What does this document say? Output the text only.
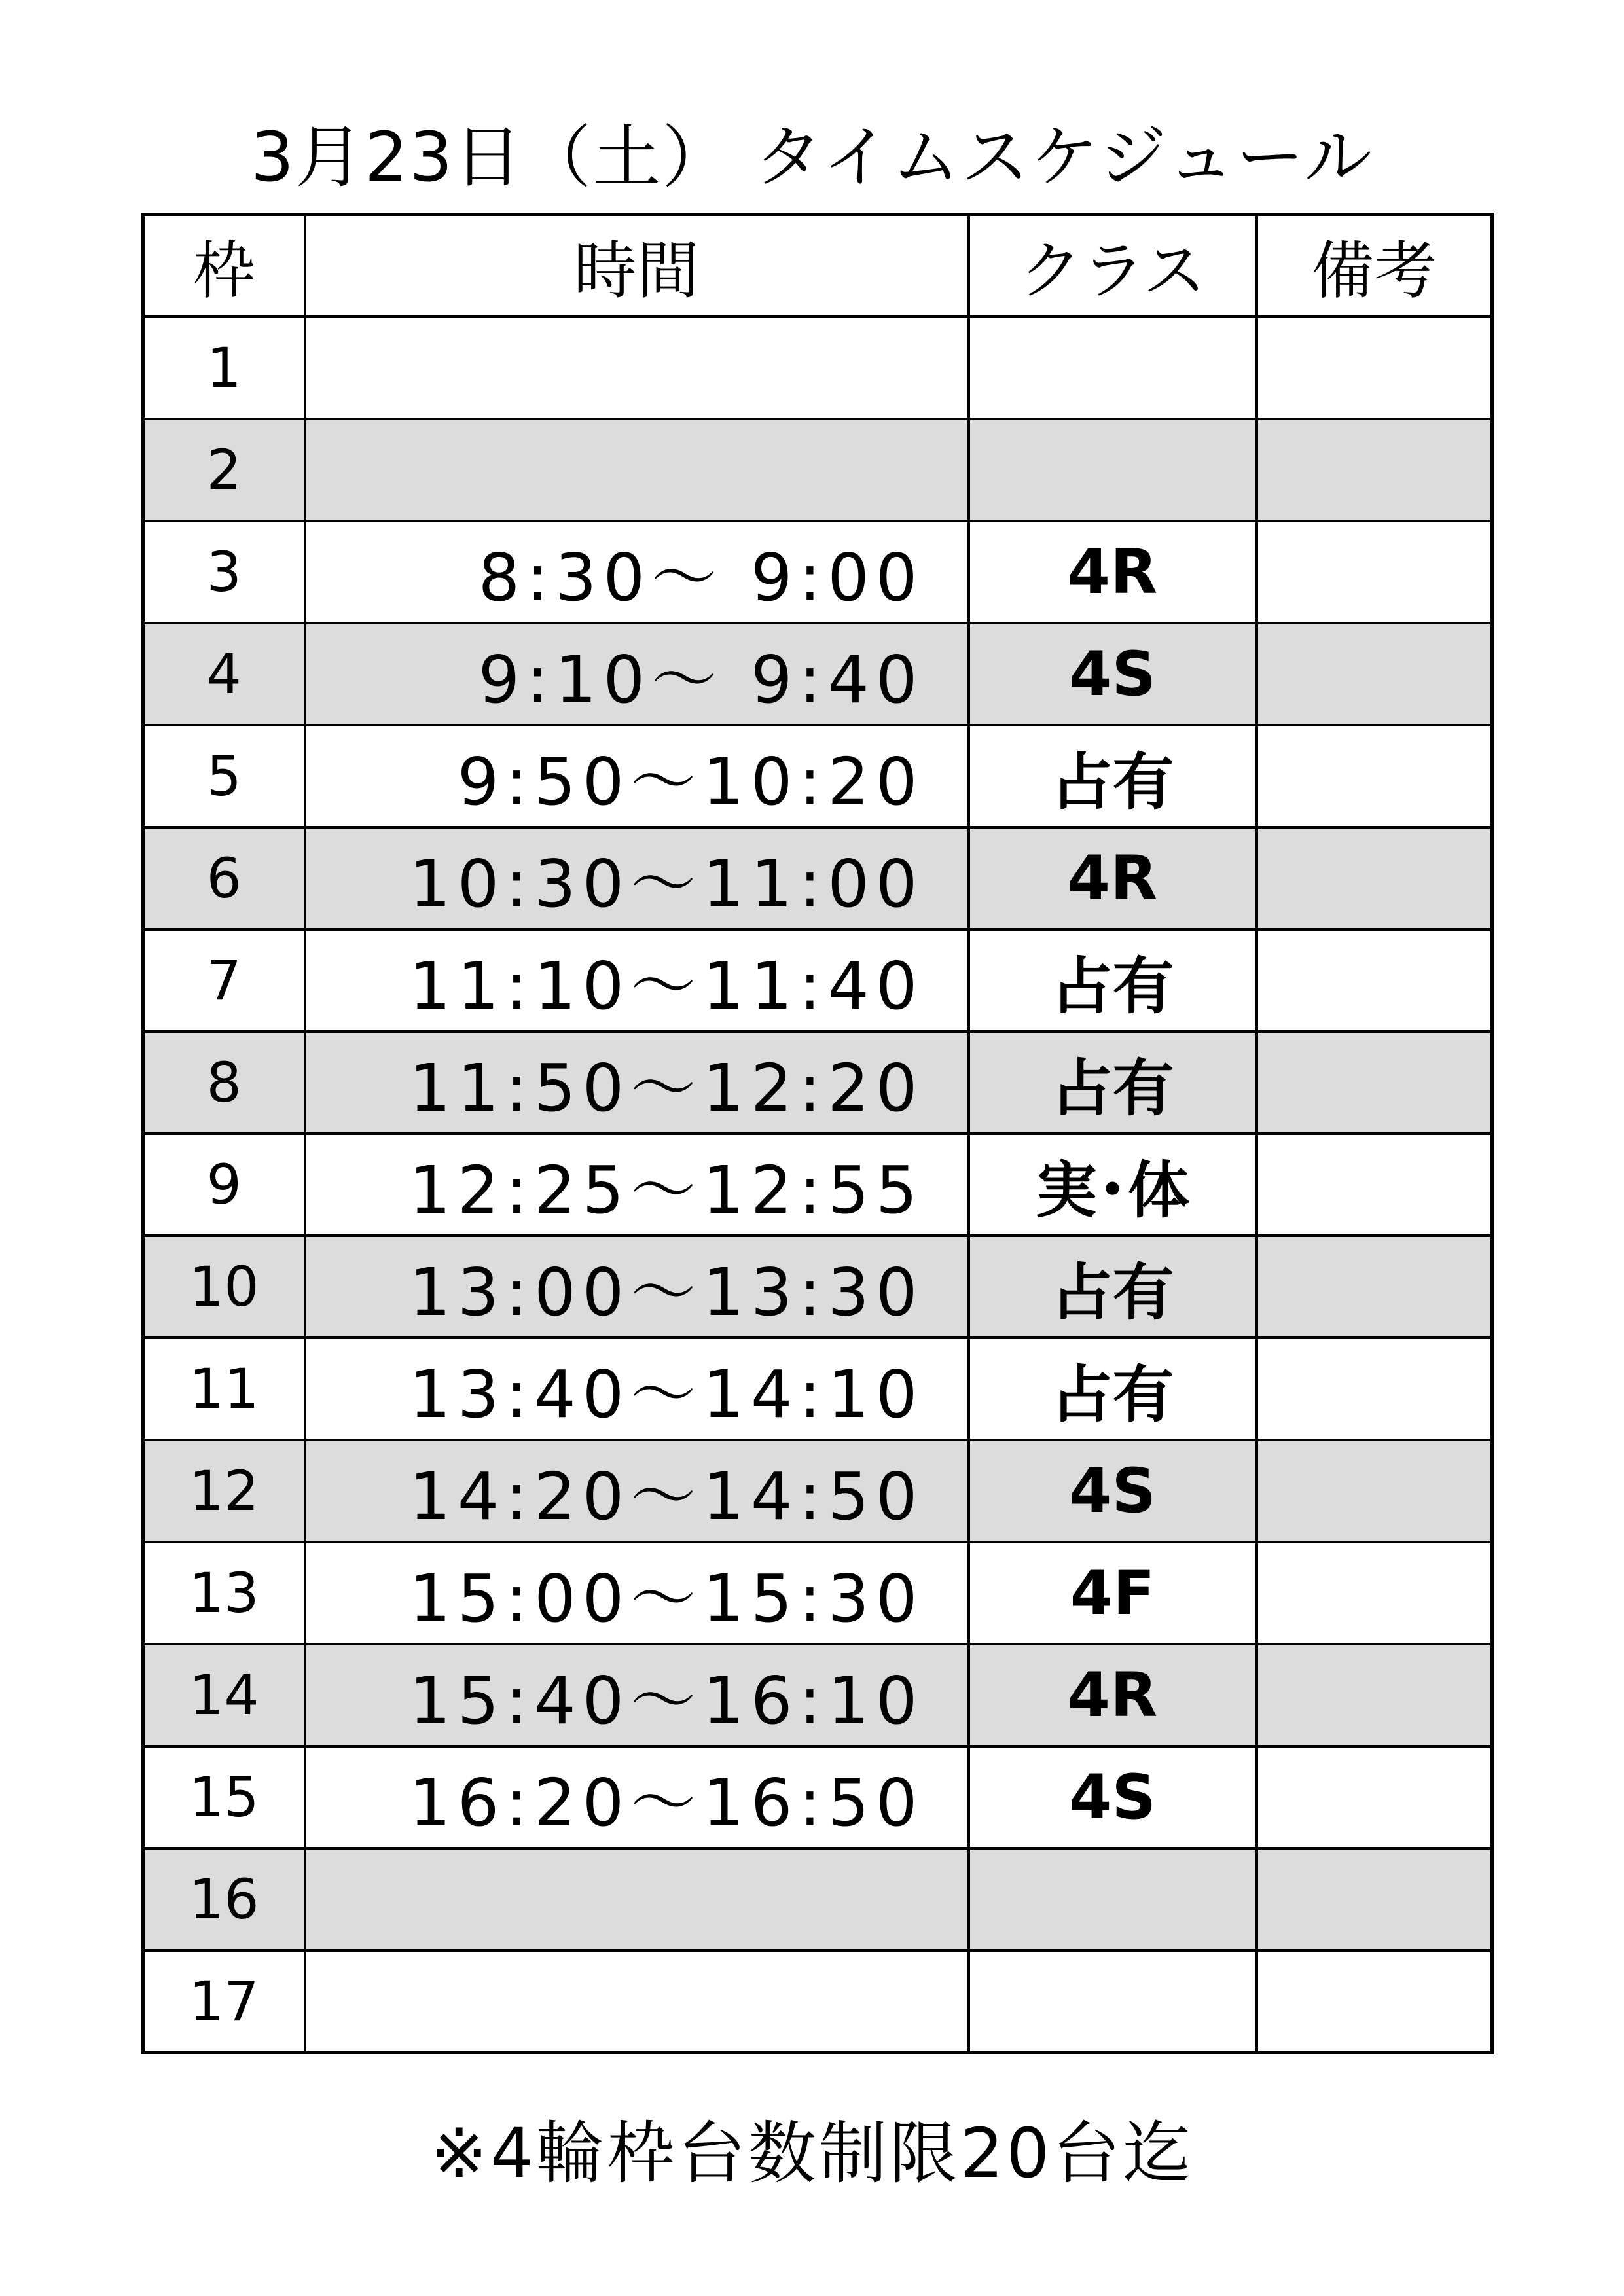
3月23日（土） タイムスケジュール
枠	時間	クラス	備考
1			
2			
3	8:30～ 9:00	4R	
4	9:10～ 9:40	4S	
5	9:50～10:20	占有	
6	10:30～11:00	4R	
7	11:10～11:40	占有	
8	11:50～12:20	占有	
9	12:25～12:55	実･体	
10	13:00～13:30	占有	
11	13:40～14:10	占有	
12	14:20～14:50	4S	
13	15:00～15:30	4F	
14	15:40～16:10	4R	
15	16:20～16:50	4S	
16			
17			
※4輪枠台数制限20台迄
